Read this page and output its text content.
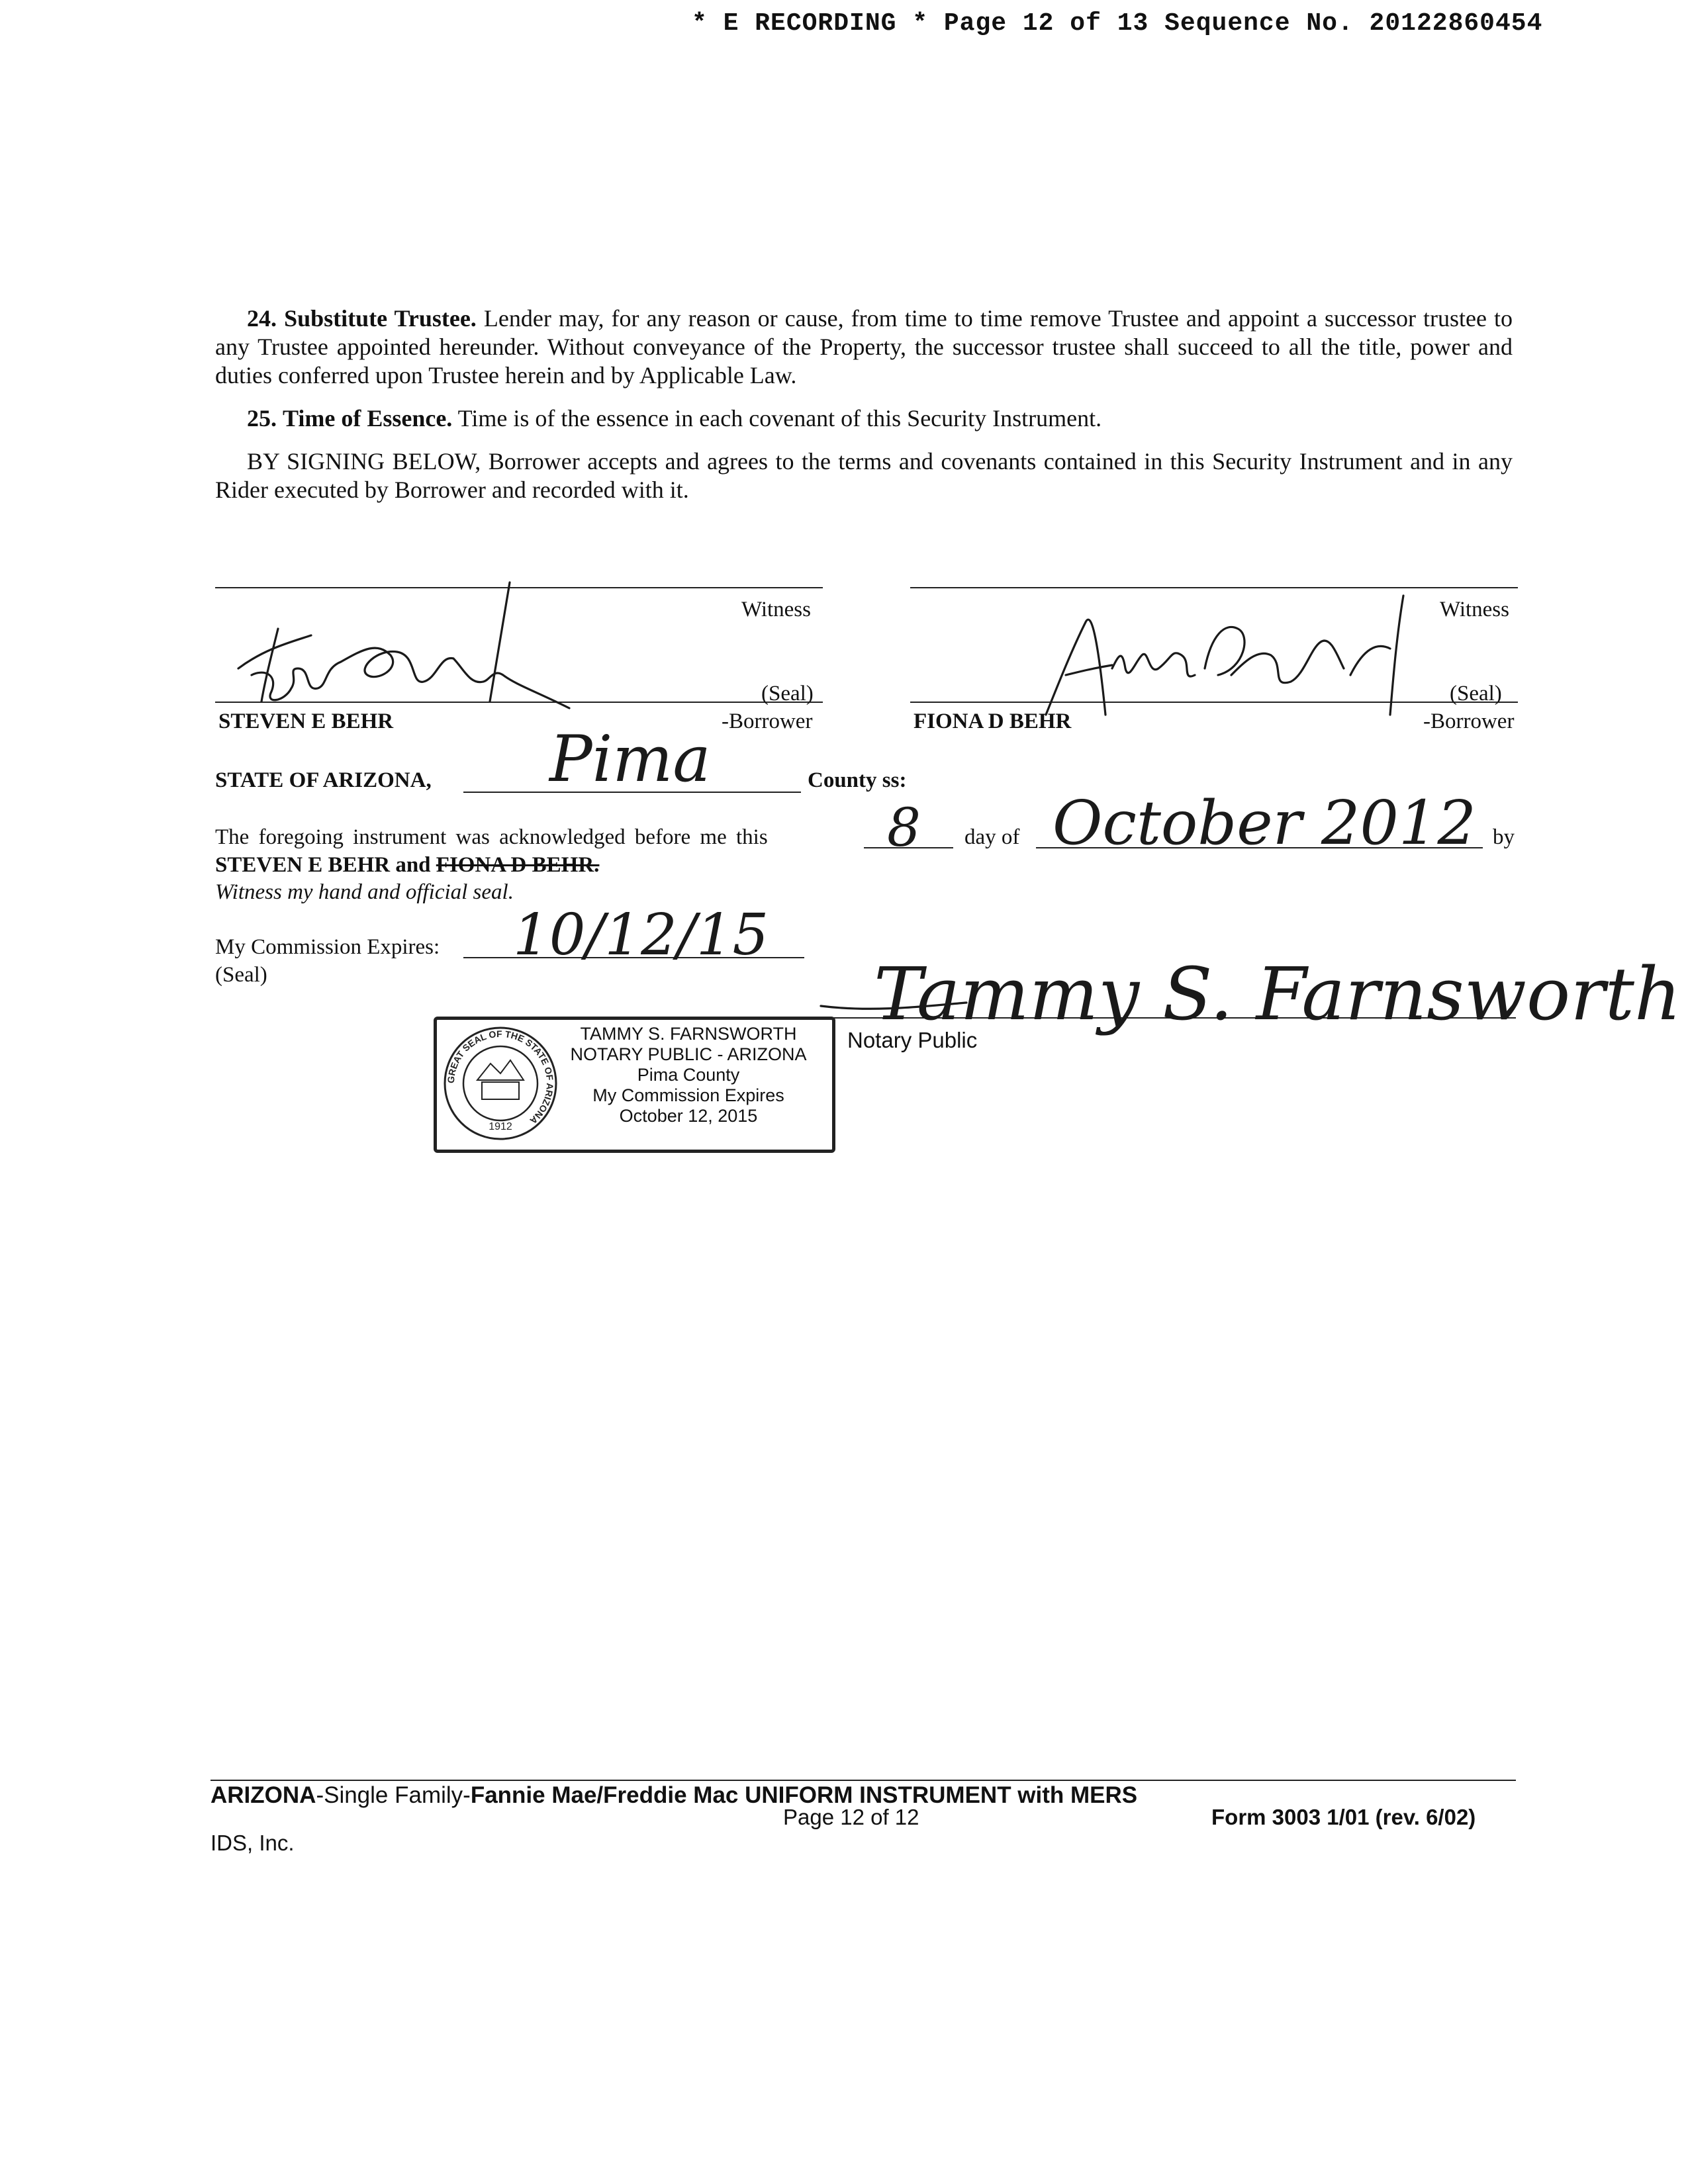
* E RECORDING * Page 12 of 13 Sequence No. 20122860454
24. Substitute Trustee. Lender may, for any reason or cause, from time to time remove Trustee and appoint a successor trustee to any Trustee appointed hereunder. Without conveyance of the Property, the successor trustee shall succeed to all the title, power and duties conferred upon Trustee herein and by Applicable Law.
25. Time of Essence. Time is of the essence in each covenant of this Security Instrument.
BY SIGNING BELOW, Borrower accepts and agrees to the terms and covenants contained in this Security Instrument and in any Rider executed by Borrower and recorded with it.
Witness	Witness
(Seal)	(Seal)
STEVEN E BEHR	-Borrower	FIONA D BEHR	-Borrower
STATE OF ARIZONA, Pima	County ss:
The foregoing instrument was acknowledged before me this 8 day of October 2012 by
STEVEN E BEHR and FIONA D BEHR.
Witness my hand and official seal.
My Commission Expires: 10/12/15
(Seal)	Tammy S. Farnsworth
Notary Public
GREAT SEAL OF THE STATE OF ARIZONA
1912
TAMMY S. FARNSWORTH
NOTARY PUBLIC - ARIZONA
Pima County
My Commission Expires
October 12, 2015
ARIZONA-Single Family-Fannie Mae/Freddie Mac UNIFORM INSTRUMENT with MERS
Page 12 of 12	Form 3003 1/01 (rev. 6/02)
IDS, Inc.
